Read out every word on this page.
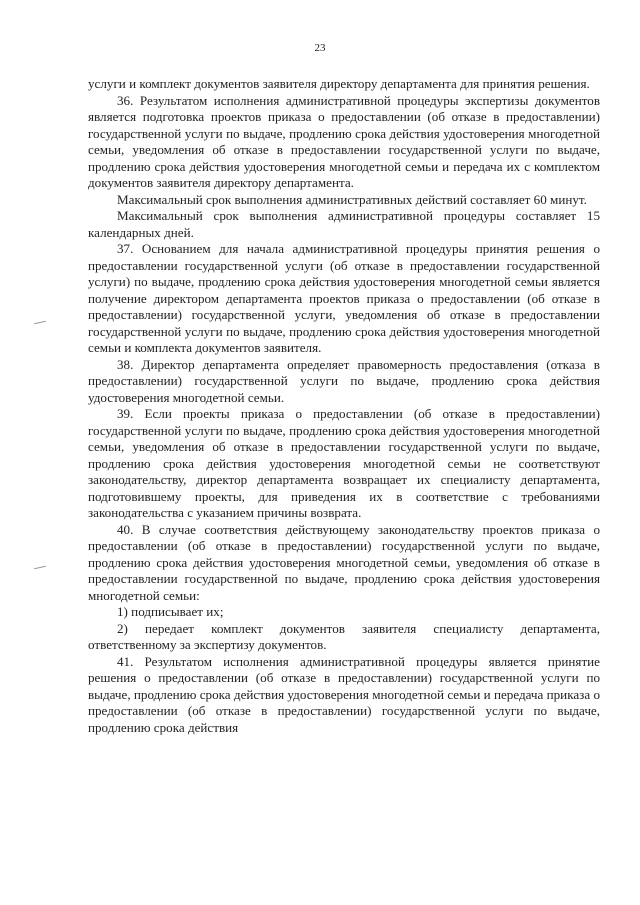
23

услуги и комплект документов заявителя директору департамента для принятия решения.

36. Результатом исполнения административной процедуры экспертизы документов является подготовка проектов приказа о предоставлении (об отказе в предоставлении) государственной услуги по выдаче, продлению срока действия удостоверения многодетной семьи, уведомления об отказе в предоставлении государственной услуги по выдаче, продлению срока действия удостоверения многодетной семьи и передача их с комплектом документов заявителя директору департамента.

Максимальный срок выполнения административных действий составляет 60 минут.

Максимальный срок выполнения административной процедуры составляет 15 календарных дней.

37. Основанием для начала административной процедуры принятия решения о предоставлении государственной услуги (об отказе в предоставлении государственной услуги) по выдаче, продлению срока действия удостоверения многодетной семьи является получение директором департамента проектов приказа о предоставлении (об отказе в предоставлении) государственной услуги, уведомления об отказе в предоставлении государственной услуги по выдаче, продлению срока действия удостоверения многодетной семьи и комплекта документов заявителя.

38. Директор департамента определяет правомерность предоставления (отказа в предоставлении) государственной услуги по выдаче, продлению срока действия удостоверения многодетной семьи.

39. Если проекты приказа о предоставлении (об отказе в предоставлении) государственной услуги по выдаче, продлению срока действия удостоверения многодетной семьи, уведомления об отказе в предоставлении государственной услуги по выдаче, продлению срока действия удостоверения многодетной семьи не соответствуют законодательству, директор департамента возвращает их специалисту департамента, подготовившему проекты, для приведения их в соответствие с требованиями законодательства с указанием причины возврата.

40. В случае соответствия действующему законодательству проектов приказа о предоставлении (об отказе в предоставлении) государственной услуги по выдаче, продлению срока действия удостоверения многодетной семьи, уведомления об отказе в предоставлении государственной по выдаче, продлению срока действия удостоверения многодетной семьи:

1) подписывает их;

2) передает комплект документов заявителя специалисту департамента, ответственному за экспертизу документов.

41. Результатом исполнения административной процедуры является принятие решения о предоставлении (об отказе в предоставлении) государственной услуги по выдаче, продлению срока действия удостоверения многодетной семьи и передача приказа о предоставлении (об отказе в предоставлении) государственной услуги по выдаче, продлению срока действия
